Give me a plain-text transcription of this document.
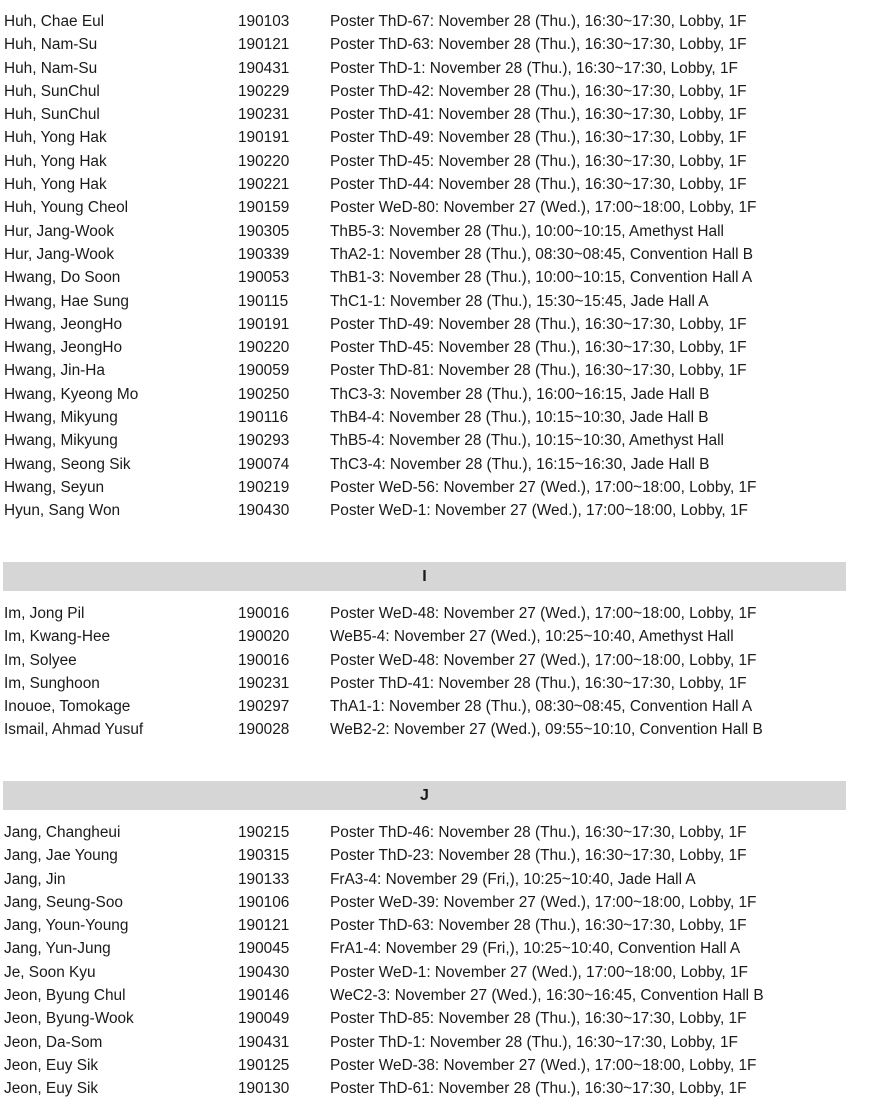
Huh, Chae Eul	190103	Poster ThD-67: November 28 (Thu.), 16:30~17:30, Lobby, 1F
Huh, Nam-Su	190121	Poster ThD-63: November 28 (Thu.), 16:30~17:30, Lobby, 1F
Huh, Nam-Su	190431	Poster ThD-1: November 28 (Thu.), 16:30~17:30, Lobby, 1F
Huh, SunChul	190229	Poster ThD-42: November 28 (Thu.), 16:30~17:30, Lobby, 1F
Huh, SunChul	190231	Poster ThD-41: November 28 (Thu.), 16:30~17:30, Lobby, 1F
Huh, Yong Hak	190191	Poster ThD-49: November 28 (Thu.), 16:30~17:30, Lobby, 1F
Huh, Yong Hak	190220	Poster ThD-45: November 28 (Thu.), 16:30~17:30, Lobby, 1F
Huh, Yong Hak	190221	Poster ThD-44: November 28 (Thu.), 16:30~17:30, Lobby, 1F
Huh, Young Cheol	190159	Poster WeD-80: November 27 (Wed.), 17:00~18:00, Lobby, 1F
Hur, Jang-Wook	190305	ThB5-3: November 28 (Thu.), 10:00~10:15, Amethyst Hall
Hur, Jang-Wook	190339	ThA2-1: November 28 (Thu.), 08:30~08:45, Convention Hall B
Hwang, Do Soon	190053	ThB1-3: November 28 (Thu.), 10:00~10:15, Convention Hall A
Hwang, Hae Sung	190115	ThC1-1: November 28 (Thu.), 15:30~15:45, Jade Hall A
Hwang, JeongHo	190191	Poster ThD-49: November 28 (Thu.), 16:30~17:30, Lobby, 1F
Hwang, JeongHo	190220	Poster ThD-45: November 28 (Thu.), 16:30~17:30, Lobby, 1F
Hwang, Jin-Ha	190059	Poster ThD-81: November 28 (Thu.), 16:30~17:30, Lobby, 1F
Hwang, Kyeong Mo	190250	ThC3-3: November 28 (Thu.), 16:00~16:15, Jade Hall B
Hwang, Mikyung	190116	ThB4-4: November 28 (Thu.), 10:15~10:30, Jade Hall B
Hwang, Mikyung	190293	ThB5-4: November 28 (Thu.), 10:15~10:30, Amethyst Hall
Hwang, Seong Sik	190074	ThC3-4: November 28 (Thu.), 16:15~16:30, Jade Hall B
Hwang, Seyun	190219	Poster WeD-56: November 27 (Wed.), 17:00~18:00, Lobby, 1F
Hyun, Sang Won	190430	Poster WeD-1: November 27 (Wed.), 17:00~18:00, Lobby, 1F
I
Im, Jong Pil	190016	Poster WeD-48: November 27 (Wed.), 17:00~18:00, Lobby, 1F
Im, Kwang-Hee	190020	WeB5-4: November 27 (Wed.), 10:25~10:40, Amethyst Hall
Im, Solyee	190016	Poster WeD-48: November 27 (Wed.), 17:00~18:00, Lobby, 1F
Im, Sunghoon	190231	Poster ThD-41: November 28 (Thu.), 16:30~17:30, Lobby, 1F
Inouoe, Tomokage	190297	ThA1-1: November 28 (Thu.), 08:30~08:45, Convention Hall A
Ismail, Ahmad Yusuf	190028	WeB2-2: November 27 (Wed.), 09:55~10:10, Convention Hall B
J
Jang, Changheui	190215	Poster ThD-46: November 28 (Thu.), 16:30~17:30, Lobby, 1F
Jang, Jae Young	190315	Poster ThD-23: November 28 (Thu.), 16:30~17:30, Lobby, 1F
Jang, Jin	190133	FrA3-4: November 29 (Fri,), 10:25~10:40, Jade Hall A
Jang, Seung-Soo	190106	Poster WeD-39: November 27 (Wed.), 17:00~18:00, Lobby, 1F
Jang, Youn-Young	190121	Poster ThD-63: November 28 (Thu.), 16:30~17:30, Lobby, 1F
Jang, Yun-Jung	190045	FrA1-4: November 29 (Fri,), 10:25~10:40, Convention Hall A
Je, Soon Kyu	190430	Poster WeD-1: November 27 (Wed.), 17:00~18:00, Lobby, 1F
Jeon, Byung Chul	190146	WeC2-3: November 27 (Wed.), 16:30~16:45, Convention Hall B
Jeon, Byung-Wook	190049	Poster ThD-85: November 28 (Thu.), 16:30~17:30, Lobby, 1F
Jeon, Da-Som	190431	Poster ThD-1: November 28 (Thu.), 16:30~17:30, Lobby, 1F
Jeon, Euy Sik	190125	Poster WeD-38: November 27 (Wed.), 17:00~18:00, Lobby, 1F
Jeon, Euy Sik	190130	Poster ThD-61: November 28 (Thu.), 16:30~17:30, Lobby, 1F
